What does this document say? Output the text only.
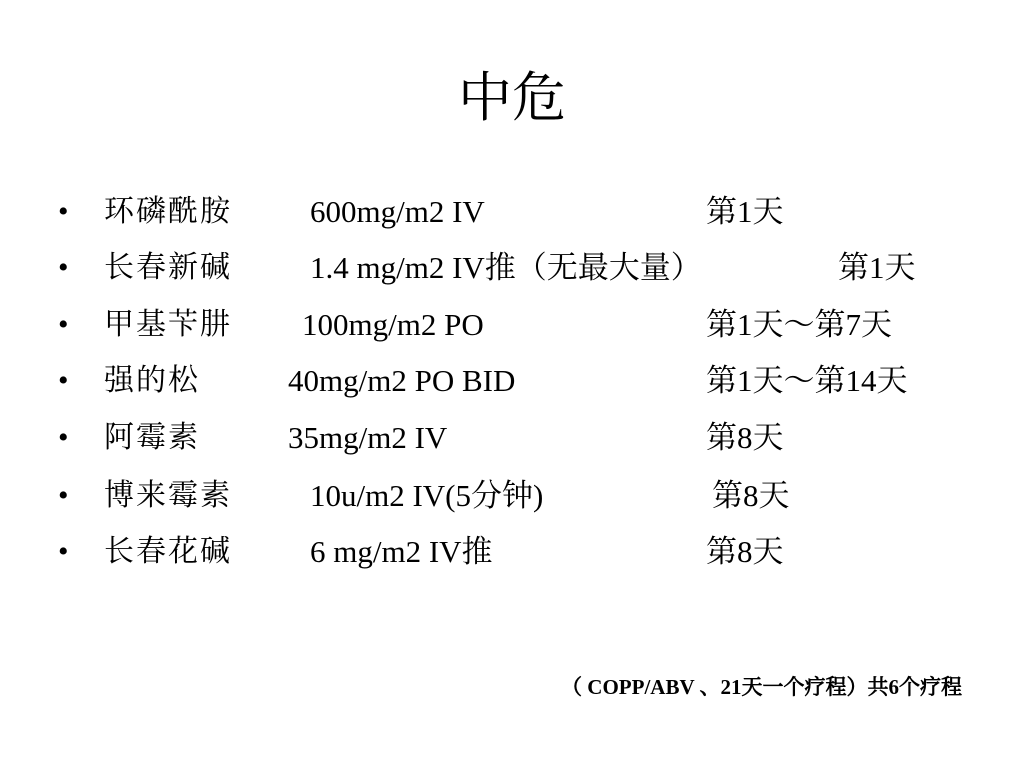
中危
• 环磷酰胺	600mg/m2 IV	第1天
• 长春新碱	1.4 mg/m2 IV推（无最大量）	第1天
• 甲基苄肼 100mg/m2 PO	第1天～第7天
• 强的松	40mg/m2 PO BID	第1天～第14天
• 阿霉素	35mg/m2 IV	第8天
• 博来霉素	10u/m2 IV(5分钟)	第8天
• 长春花碱	6 mg/m2 IV推	第8天
（ COPP/ABV 、21天一个疗程）共6个疗程
